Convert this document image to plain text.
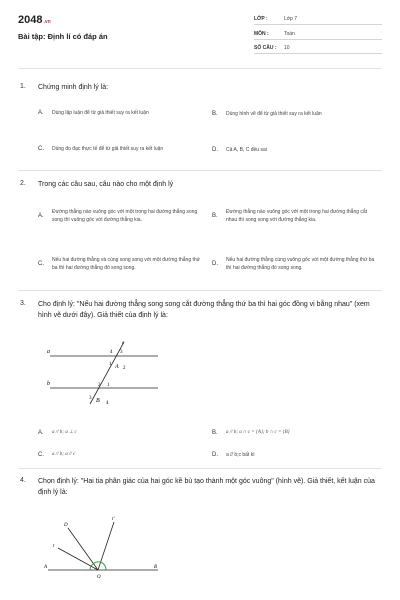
2048.vn
Bài tập: Định lí có đáp án
LỚP :	Lớp 7
MÔN :	Toán
SỐ CÂU : 10
1. Chứng minh định lý là:
A.	Dùng lập luận để từ giả thiết suy ra kết luận	B.	Dùng hình vẽ để từ giả thiết suy ra kết luận
C.	Dùng đo đạc thực tế để từ giả thiết suy ra kết luận	D.	Cả A, B, C đều sai
2. Trong các câu sau, câu nào cho một định lý
A.
Đường thẳng nào vuông góc với một trong hai đường thẳng song song thì vuông góc với đường thẳng kia.
B.
Đường thẳng nào vuông góc với một trong hai đường thẳng cắt nhau thì song song với đường thẳng kia.
C.
Nếu hai đường thẳng và cùng song song với một đường thẳng thứ ba thì hai đường thẳng đó song song.
D.
Nếu hai đường thẳng cùng vuông góc với một đường thẳng thứ ba thì hai đường thẳng đó song song.
3. Cho định lý: "Nếu hai đường thẳng song song cắt đường thẳng thứ ba thì hai góc đồng vị bằng nhau" (xem hình vẽ dưới đây). Giả thiết của định lý là:
a
b
c
A
B
1
2
3
4
1
2
3
4
A.	a // b; a ⊥ c	B.	a // b; a ∩ c = {A}; b ∩ c = {B}
C.	a // b; a // c	D.	a // b;c bất kì
4. Chọn định lý: "Hai tia phân giác của hai góc kề bù tạo thành một góc vuông" (hình vẽ). Giả thiết, kết luận của định lý là:
A	B
O
t
t'
D
